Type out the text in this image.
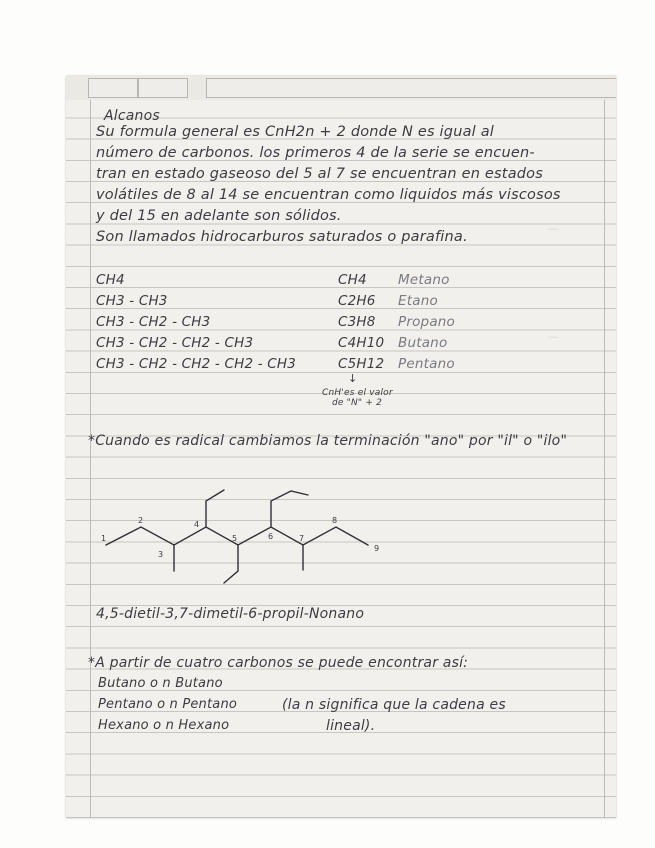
—
—
Alcanos
Su formula general es CnH2n + 2 donde N es igual al
número de carbonos. los primeros 4 de la serie se encuen-
tran en estado gaseoso del 5 al 7 se encuentran en estados
volátiles de 8 al 14 se encuentran como liquidos más viscosos
y del 15 en adelante son sólidos.
Son llamados hidrocarburos saturados o parafina.
CH4
CH3 - CH3
CH3 - CH2 - CH3
CH3 - CH2 - CH2 - CH3
CH3 - CH2 - CH2 - CH2 - CH3
CH4
C2H6
C3H8
C4H10
C5H12
Metano
Etano
Propano
Butano
Pentano
↓
CnH'es el valor
de "N" + 2
*Cuando es radical cambiamos la terminación "ano" por "il" o "ilo"
1
2
3
4
5	6	7
8
9
4,5-dietil-3,7-dimetil-6-propil-Nonano
*A partir de cuatro carbonos se puede encontrar así:
Butano o n Butano
Pentano o n Pentano
Hexano o n Hexano
(la n significa que la cadena es
lineal).
